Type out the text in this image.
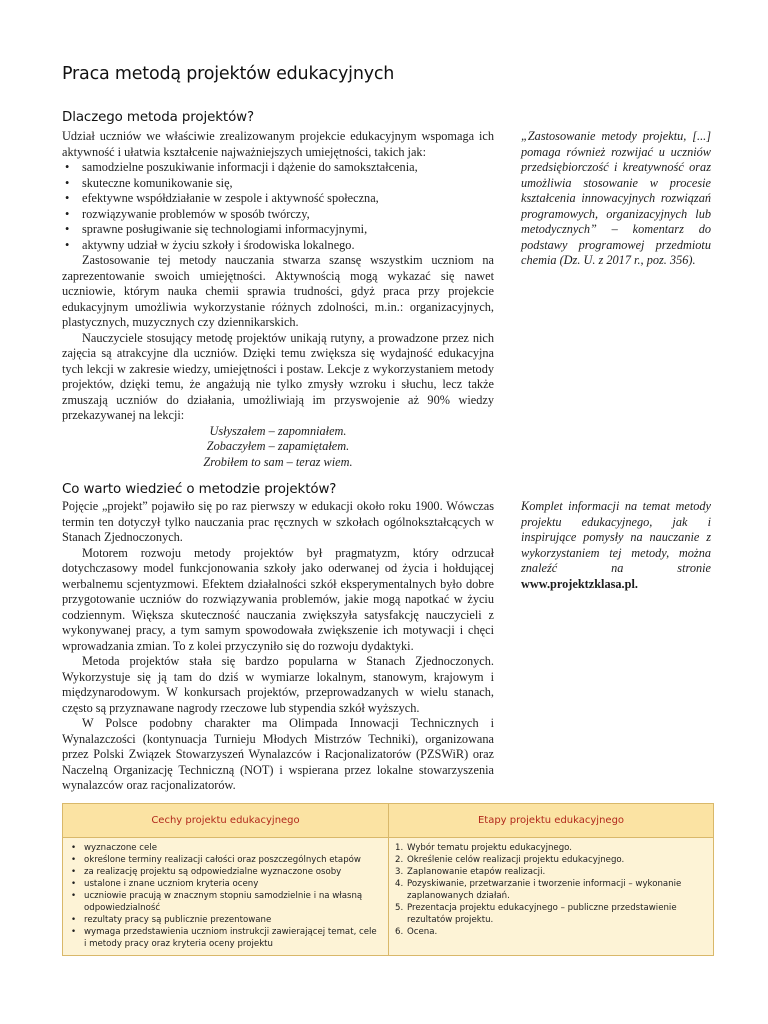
Praca metodą projektów edukacyjnych
Dlaczego metoda projektów?

Udział uczniów we właściwie zrealizowanym projekcie edukacyjnym wspomaga ich aktywność i ułatwia kształcenie najważniejszych umiejętności, takich jak:

• samodzielne poszukiwanie informacji i dążenie do samokształcenia,
• skuteczne komunikowanie się,
• efektywne współdziałanie w zespole i aktywność społeczna,
• rozwiązywanie problemów w sposób twórczy,
• sprawne posługiwanie się technologiami informacyjnymi,
• aktywny udział w życiu szkoły i środowiska lokalnego.

Zastosowanie tej metody nauczania stwarza szansę wszystkim uczniom na zaprezentowanie swoich umiejętności. Aktywnością mogą wykazać się nawet uczniowie, którym nauka chemii sprawia trudności, gdyż praca przy projekcie edukacyjnym umożliwia wykorzystanie różnych zdolności, m.in.: organizacyjnych, plastycznych, muzycznych czy dziennikarskich.

Nauczyciele stosujący metodę projektów unikają rutyny, a prowadzone przez nich zajęcia są atrakcyjne dla uczniów. Dzięki temu zwiększa się wydajność edukacyjna tych lekcji w zakresie wiedzy, umiejętności i postaw. Lekcje z wykorzystaniem metody projektów, dzięki temu, że angażują nie tylko zmysły wzroku i słuchu, lecz także zmuszają uczniów do działania, umożliwiają im przyswojenie aż 90% wiedzy przekazywanej na lekcji:

Usłyszałem – zapomniałem.

Zobaczyłem – zapamiętałem.

Zrobiłem to sam – teraz wiem.

„Zastosowanie metody projektu, [...] pomaga również rozwijać u uczniów przedsiębiorczość i kreatywność oraz umożliwia stosowanie w procesie kształcenia innowacyjnych rozwiązań programowych, organizacyjnych lub metodycznych” – komentarz do podstawy programowej przedmiotu chemia (Dz. U. z 2017 r., poz. 356).

Co warto wiedzieć o metodzie projektów?

Pojęcie „projekt” pojawiło się po raz pierwszy w edukacji około roku 1900. Wówczas termin ten dotyczył tylko nauczania prac ręcznych w szkołach ogólnokształcących w Stanach Zjednoczonych.

Motorem rozwoju metody projektów był pragmatyzm, który odrzucał dotychczasowy model funkcjonowania szkoły jako oderwanej od życia i hołdującej werbalnemu scjentyzmowi. Efektem działalności szkół eksperymentalnych było dobre przygotowanie uczniów do rozwiązywania problemów, jakie mogą napotkać w życiu codziennym. Większa skuteczność nauczania zwiększyła satysfakcję nauczycieli z wykonywanej pracy, a tym samym spowodowała zwiększenie ich motywacji i chęci wprowadzania zmian. To z kolei przyczyniło się do rozwoju dydaktyki.

Metoda projektów stała się bardzo popularna w Stanach Zjednoczonych. Wykorzystuje się ją tam do dziś w wymiarze lokalnym, stanowym, krajowym i międzynarodowym. W konkursach projektów, przeprowadzanych w wielu stanach, często są przyznawane nagrody rzeczowe lub stypendia szkół wyższych.

W Polsce podobny charakter ma Olimpada Innowacji Technicznych i Wynalazczości (kontynuacja Turnieju Młodych Mistrzów Techniki), organizowana przez Polski Związek Stowarzyszeń Wynalazców i Racjonalizatorów (PZSWiR) oraz Naczelną Organizację Techniczną (NOT) i wspierana przez lokalne stowarzyszenia wynalazców oraz racjonalizatorów.

Komplet informacji na temat metody projektu edukacyjnego, jak i inspirujące pomysły na nauczanie z wykorzystaniem tej metody, można znaleźć na stronie www.projektzklasa.pl.

Cechy projektu edukacyjnego	Etapy projektu edukacyjnego
• wyznaczone cele
• określone terminy realizacji całości oraz poszczególnych etapów
• za realizację projektu są odpowiedzialne wyznaczone osoby
• ustalone i znane uczniom kryteria oceny
• uczniowie pracują w znacznym stopniu samodzielnie i na własną odpowiedzialność
• rezultaty pracy są publicznie prezentowane
• wymaga przedstawienia uczniom instrukcji zawierającej temat, cele i metody pracy oraz kryteria oceny projektu
1. Wybór tematu projektu edukacyjnego.
2. Określenie celów realizacji projektu edukacyjnego.
3. Zaplanowanie etapów realizacji.
4. Pozyskiwanie, przetwarzanie i tworzenie informacji – wykonanie zaplanowanych działań.
5. Prezentacja projektu edukacyjnego – publiczne przedstawienie rezultatów projektu.
6. Ocena.
